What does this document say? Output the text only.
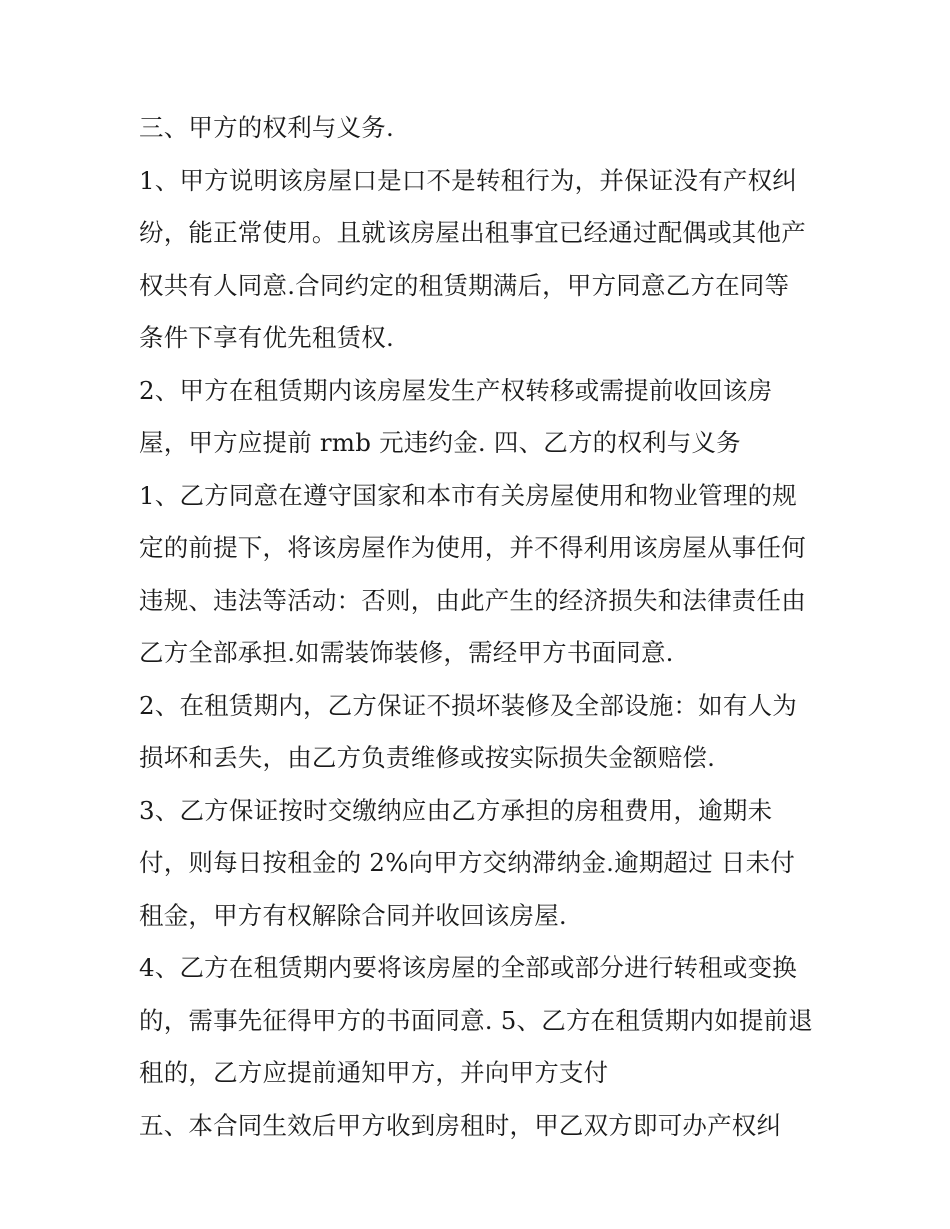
三、甲方的权利与义务.
1、甲方说明该房屋口是口不是转租行为，并保证没有产权纠
纷，能正常使用。且就该房屋出租事宜已经通过配偶或其他产
权共有人同意.合同约定的租赁期满后，甲方同意乙方在同等
条件下享有优先租赁权.
2、甲方在租赁期内该房屋发生产权转移或需提前收回该房
屋，甲方应提前 rmb 元违约金. 四、乙方的权利与义务
1、乙方同意在遵守国家和本市有关房屋使用和物业管理的规
定的前提下，将该房屋作为使用，并不得利用该房屋从事任何
违规、违法等活动：否则，由此产生的经济损失和法律责任由
乙方全部承担.如需装饰装修，需经甲方书面同意.
2、在租赁期内，乙方保证不损坏装修及全部设施：如有人为
损坏和丢失，由乙方负责维修或按实际损失金额赔偿.
3、乙方保证按时交缴纳应由乙方承担的房租费用，逾期未
付，则每日按租金的 2%向甲方交纳滞纳金.逾期超过 日未付
租金，甲方有权解除合同并收回该房屋.
4、乙方在租赁期内要将该房屋的全部或部分进行转租或变换
的，需事先征得甲方的书面同意. 5、乙方在租赁期内如提前退
租的，乙方应提前通知甲方，并向甲方支付
五、本合同生效后甲方收到房租时，甲乙双方即可办产权纠
